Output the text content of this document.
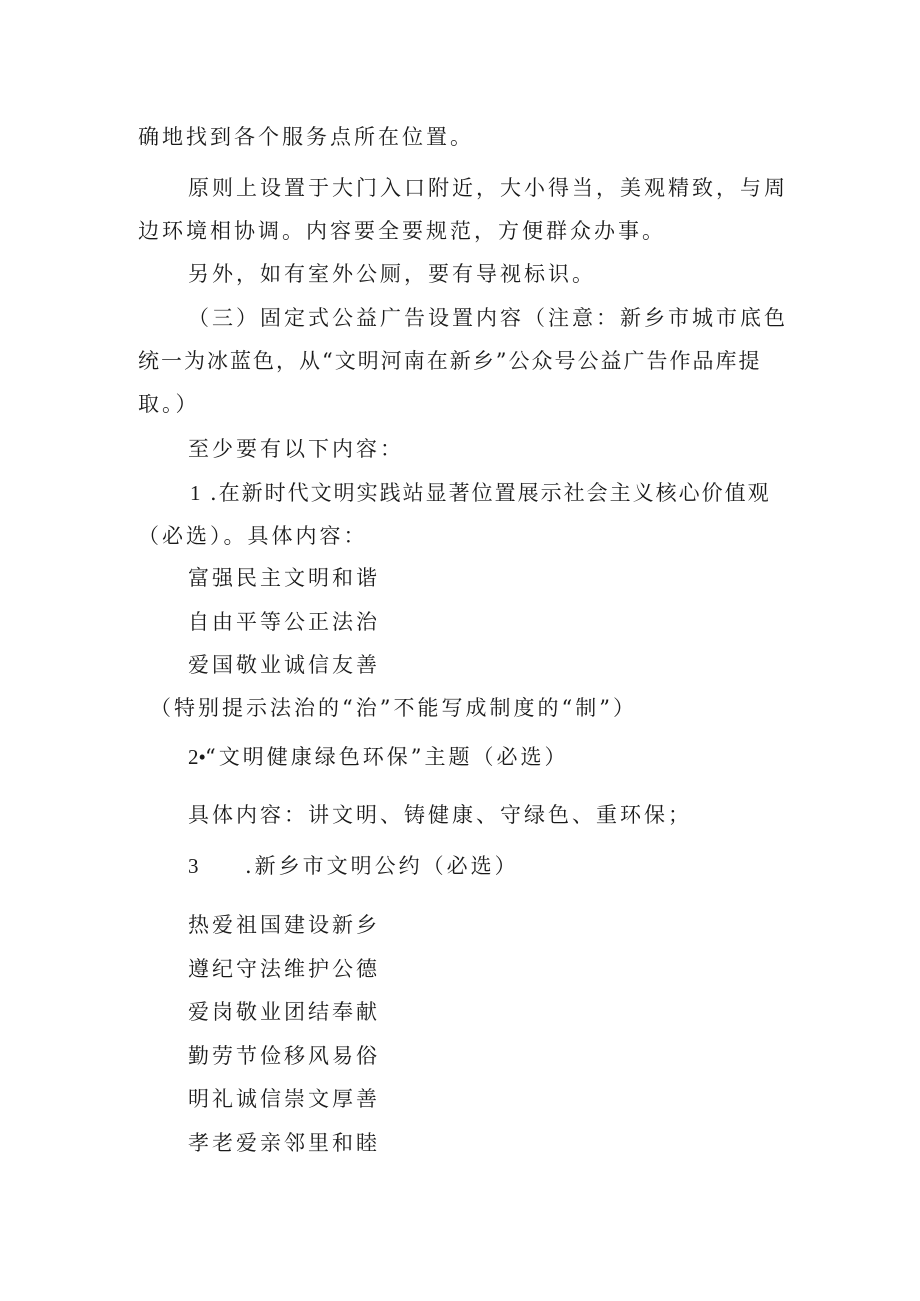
确地找到各个服务点所在位置。
原则上设置于大门入口附近，大小得当，美观精致，与周
边环境相协调。内容要全要规范，方便群众办事。
另外，如有室外公厕，要有导视标识。
（三）固定式公益广告设置内容（注意：新乡市城市底色
统一为冰蓝色，从“文明河南在新乡”公众号公益广告作品库提
取。）
至少要有以下内容：
1 .在新时代文明实践站显著位置展示社会主义核心价值观
（必选）。具体内容：
富强民主文明和谐
自由平等公正法治
爱国敬业诚信友善
（特别提示法治的“治”不能写成制度的“制”）
2• “文明健康绿色环保”主题（必选）
具体内容：讲文明、铸健康、守绿色、重环保；
3 .新乡市文明公约（必选）
热爱祖国建设新乡
遵纪守法维护公德
爱岗敬业团结奉献
勤劳节俭移风易俗
明礼诚信崇文厚善
孝老爱亲邻里和睦
